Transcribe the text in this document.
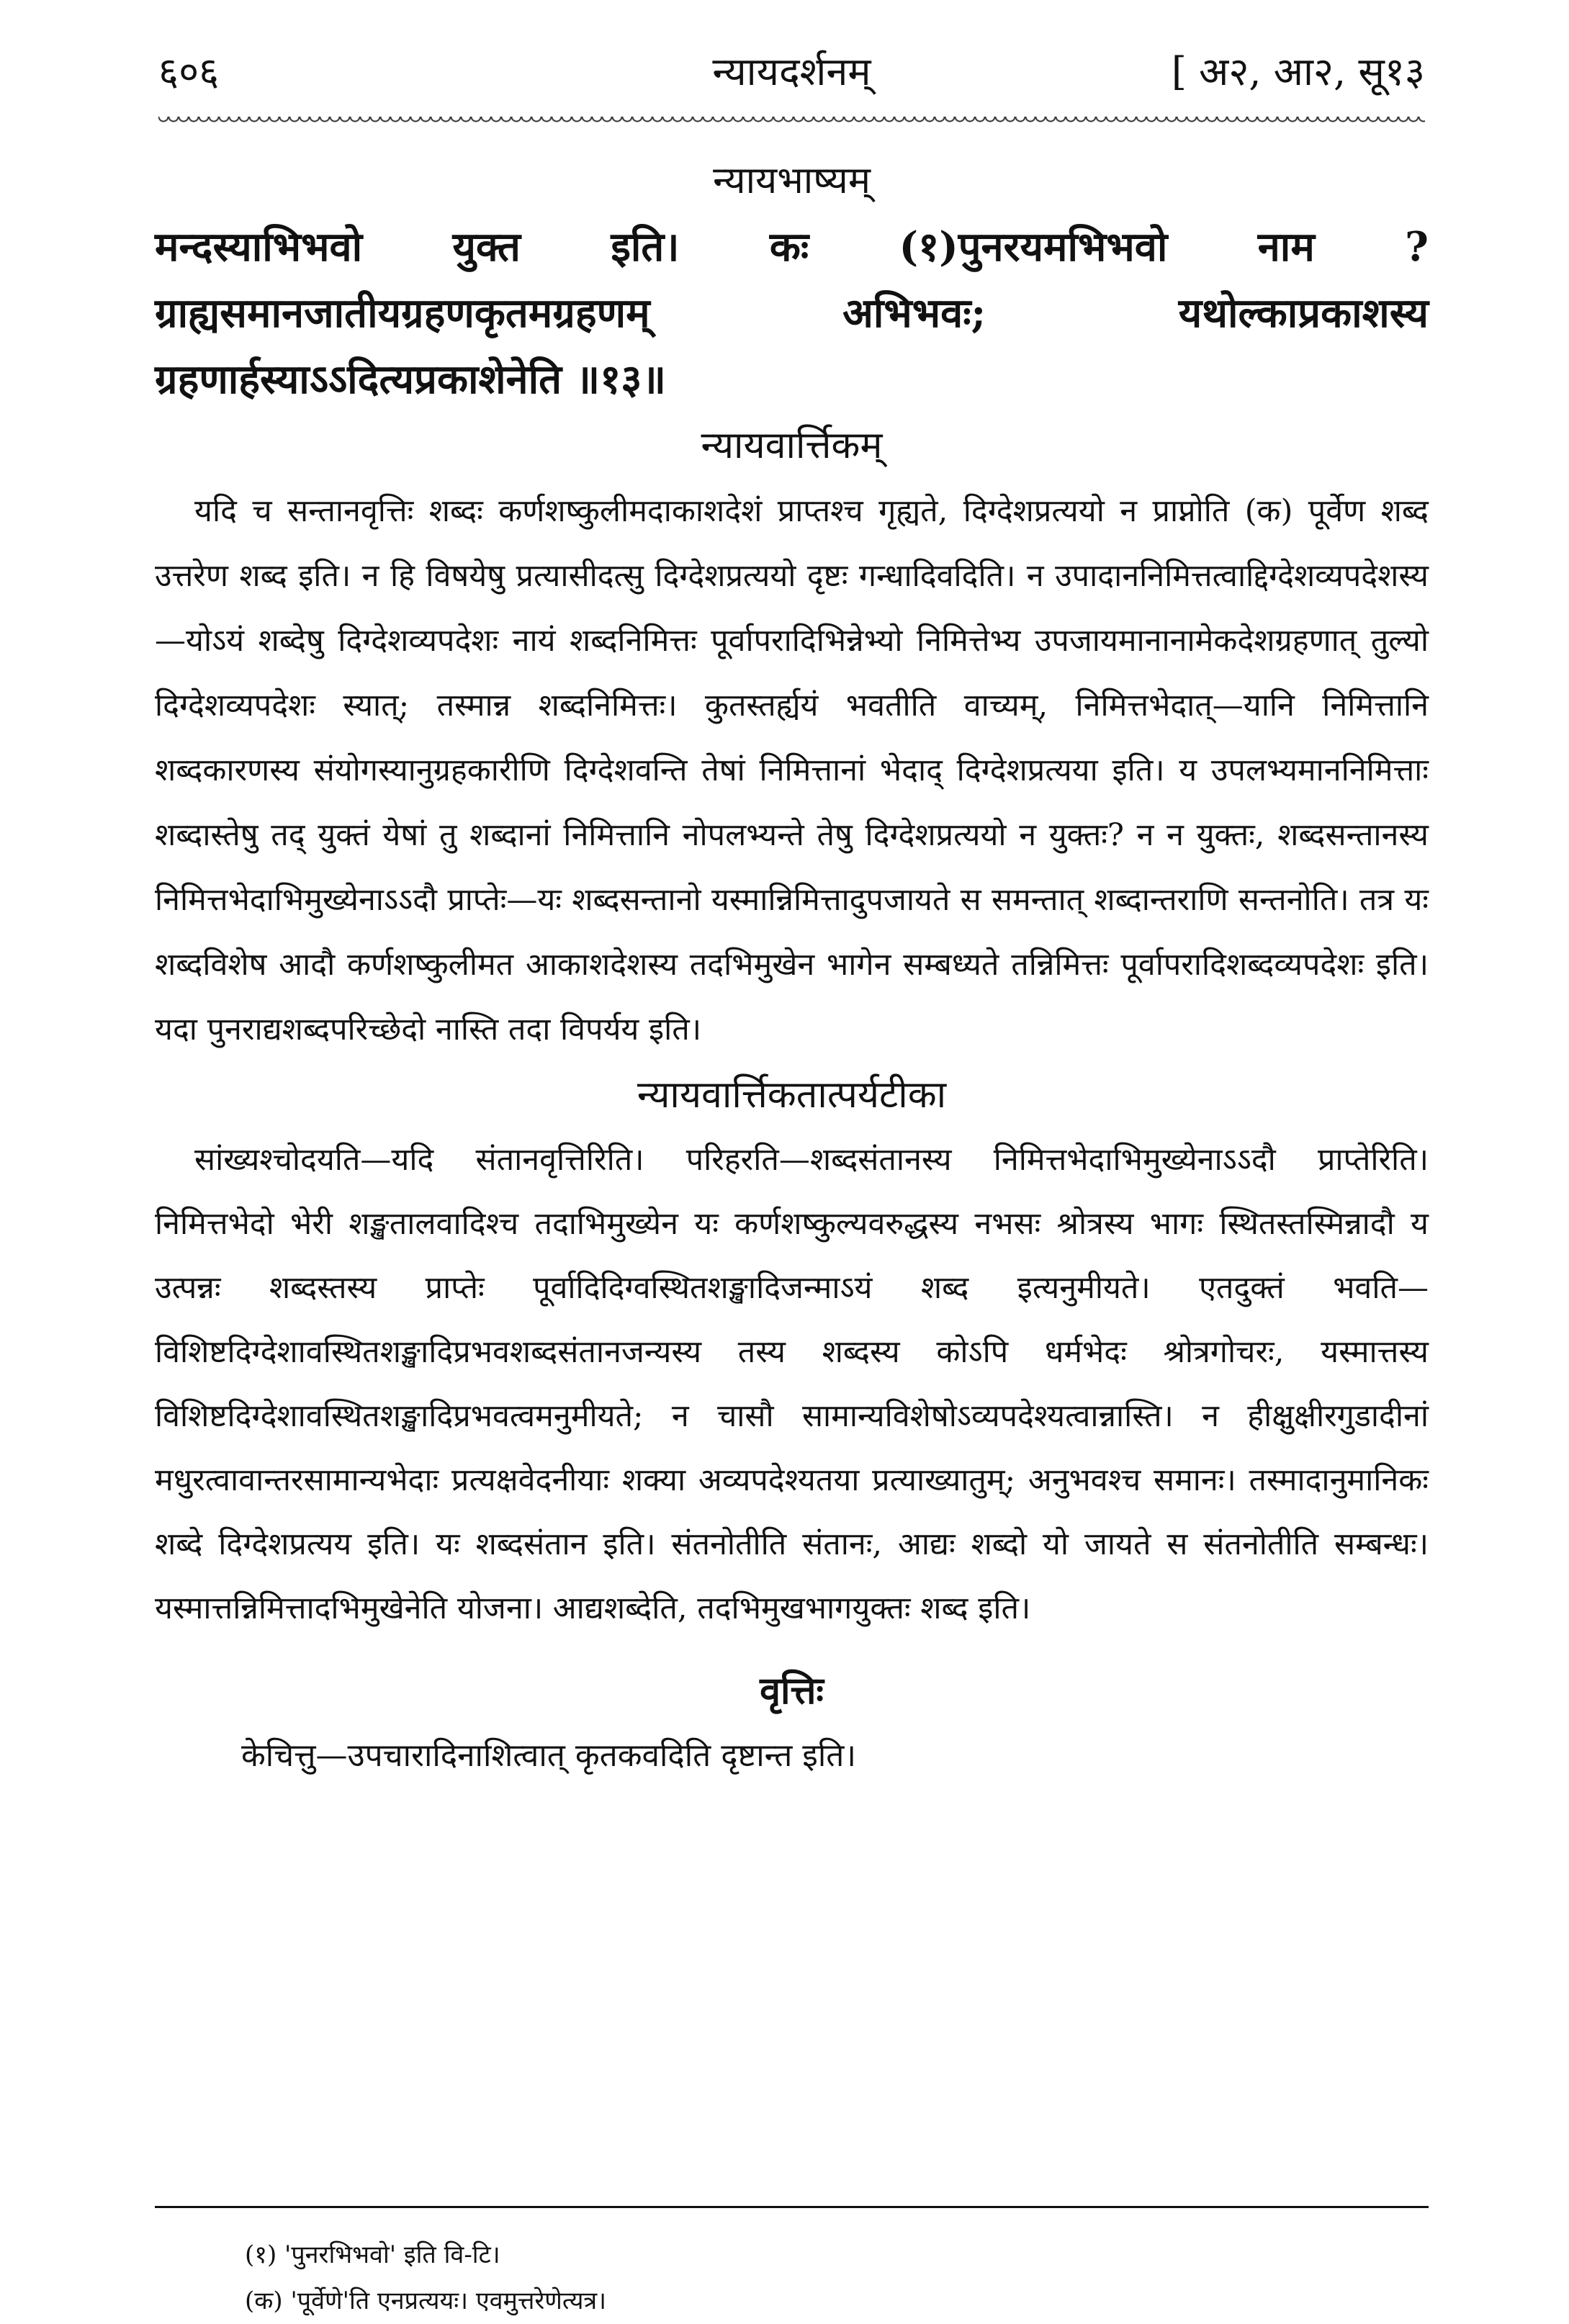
६०६	न्यायदर्शनम्	[ अ२, आ२, सू१३

न्यायभाष्यम्

मन्दस्याभिभवो युक्त इति। कः (१)पुनरयमभिभवो नाम ? ग्राह्यसमानजातीयग्रहणकृतमग्रहणम् अभिभवः; यथोल्काप्रकाशस्य ग्रहणार्हस्याऽऽदित्यप्रकाशेनेति ॥१३॥

न्यायवार्त्तिकम्

यदि च सन्तानवृत्तिः शब्दः कर्णशष्कुलीमदाकाशदेशं प्राप्तश्च गृह्यते, दिग्देशप्रत्ययो न प्राप्नोति (क) पूर्वेण शब्द उत्तरेण शब्द इति। न हि विषयेषु प्रत्यासीदत्सु दिग्देशप्रत्ययो दृष्टः गन्धादिवदिति। न उपादाननिमित्तत्वाद्दिग्देशव्यपदेशस्य—योऽयं शब्देषु दिग्देशव्यपदेशः नायं शब्दनिमित्तः पूर्वापरादिभिन्नेभ्यो निमित्तेभ्य उपजायमानानामेकदेशग्रहणात् तुल्यो दिग्देशव्यपदेशः स्यात्; तस्मान्न शब्दनिमित्तः। कुतस्तर्ह्ययं भवतीति वाच्यम्, निमित्तभेदात्—यानि निमित्तानि शब्दकारणस्य संयोगस्यानुग्रहकारीणि दिग्देशवन्ति तेषां निमित्तानां भेदाद् दिग्देशप्रत्यया इति। य उपलभ्यमाननिमित्ताः शब्दास्तेषु तद् युक्तं येषां तु शब्दानां निमित्तानि नोपलभ्यन्ते तेषु दिग्देशप्रत्ययो न युक्तः? न न युक्तः, शब्दसन्तानस्य निमित्तभेदाभिमुख्येनाऽऽदौ प्राप्तेः—यः शब्दसन्तानो यस्मान्निमित्तादुपजायते स समन्तात् शब्दान्तराणि सन्तनोति। तत्र यः शब्दविशेष आदौ कर्णशष्कुलीमत आकाशदेशस्य तदभिमुखेन भागेन सम्बध्यते तन्निमित्तः पूर्वापरादिशब्दव्यपदेशः इति। यदा पुनराद्यशब्दपरिच्छेदो नास्ति तदा विपर्यय इति।

न्यायवार्त्तिकतात्पर्यटीका

सांख्यश्चोदयति—यदि संतानवृत्तिरिति। परिहरति—शब्दसंतानस्य निमित्तभेदाभिमुख्येनाऽऽदौ प्राप्तेरिति। निमित्तभेदो भेरी शङ्खतालवादिश्च तदाभिमुख्येन यः कर्णशष्कुल्यवरुद्धस्य नभसः श्रोत्रस्य भागः स्थितस्तस्मिन्नादौ य उत्पन्नः शब्दस्तस्य प्राप्तेः पूर्वादिदिग्वस्थितशङ्खादिजन्माऽयं शब्द इत्यनुमीयते। एतदुक्तं भवति—विशिष्टदिग्देशावस्थितशङ्खादिप्रभवशब्दसंतानजन्यस्य तस्य शब्दस्य कोऽपि धर्मभेदः श्रोत्रगोचरः, यस्मात्तस्य विशिष्टदिग्देशावस्थितशङ्खादिप्रभवत्वमनुमीयते; न चासौ सामान्यविशेषोऽव्यपदेश्यत्वान्नास्ति। न हीक्षुक्षीरगुडादीनां मधुरत्वावान्तरसामान्यभेदाः प्रत्यक्षवेदनीयाः शक्या अव्यपदेश्यतया प्रत्याख्यातुम्; अनुभवश्च समानः। तस्मादानुमानिकः शब्दे दिग्देशप्रत्यय इति। यः शब्दसंतान इति। संतनोतीति संतानः, आद्यः शब्दो यो जायते स संतनोतीति सम्बन्धः। यस्मात्तन्निमित्तादभिमुखेनेति योजना। आद्यशब्देति, तदभिमुखभागयुक्तः शब्द इति।

वृत्तिः

केचित्तु—उपचारादिनाशित्वात् कृतकवदिति दृष्टान्त इति।

(१) 'पुनरभिभवो' इति वि-टि।

(क) 'पूर्वेणे'ति एनप्रत्ययः। एवमुत्तरेणेत्यत्र।
